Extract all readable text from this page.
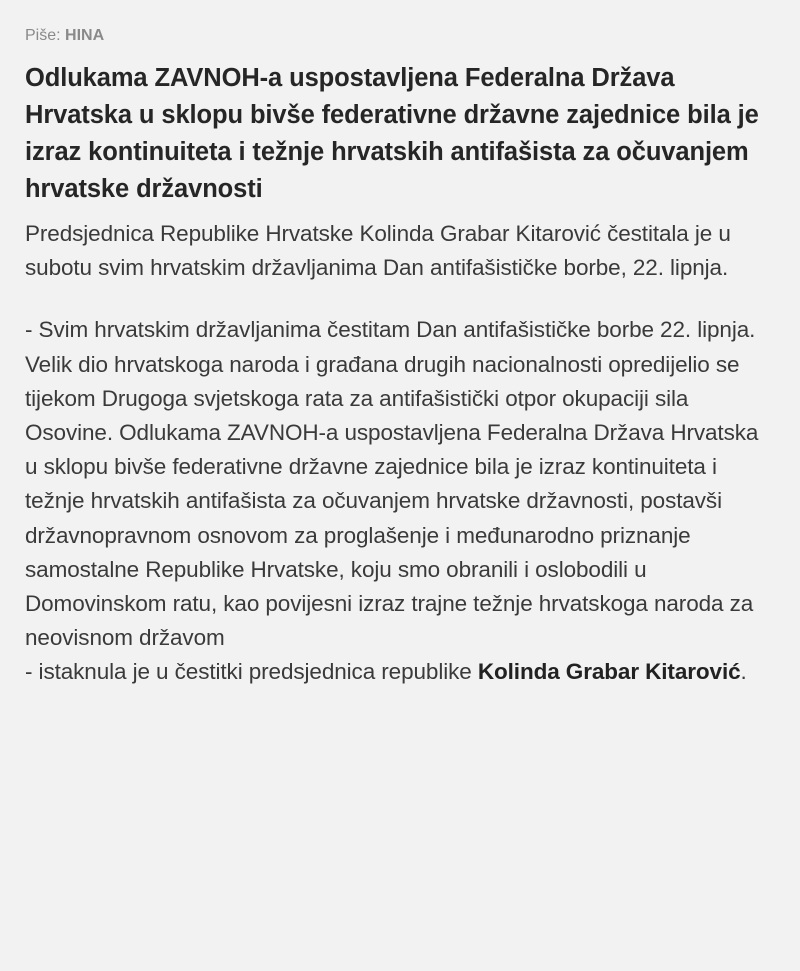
Piše: HINA

Odlukama ZAVNOH-a uspostavljena Federalna Država Hrvatska u sklopu bivše federativne državne zajednice bila je izraz kontinuiteta i težnje hrvatskih antifašista za očuvanjem hrvatske državnosti

Predsjednica Republike Hrvatske Kolinda Grabar Kitarović čestitala je u subotu svim hrvatskim državljanima Dan antifašističke borbe, 22. lipnja.

- Svim hrvatskim državljanima čestitam Dan antifašističke borbe 22. lipnja. Velik dio hrvatskoga naroda i građana drugih nacionalnosti opredijelio se tijekom Drugoga svjetskoga rata za antifašistički otpor okupaciji sila Osovine. Odlukama ZAVNOH-a uspostavljena Federalna Država Hrvatska u sklopu bivše federativne državne zajednice bila je izraz kontinuiteta i težnje hrvatskih antifašista za očuvanjem hrvatske državnosti, postavši državnopravnom osnovom za proglašenje i međunarodno priznanje samostalne Republike Hrvatske, koju smo obranili i oslobodili u Domovinskom ratu, kao povijesni izraz trajne težnje hrvatskoga naroda za neovisnom državom
- istaknula je u čestitki predsjednica republike Kolinda Grabar Kitarović.
